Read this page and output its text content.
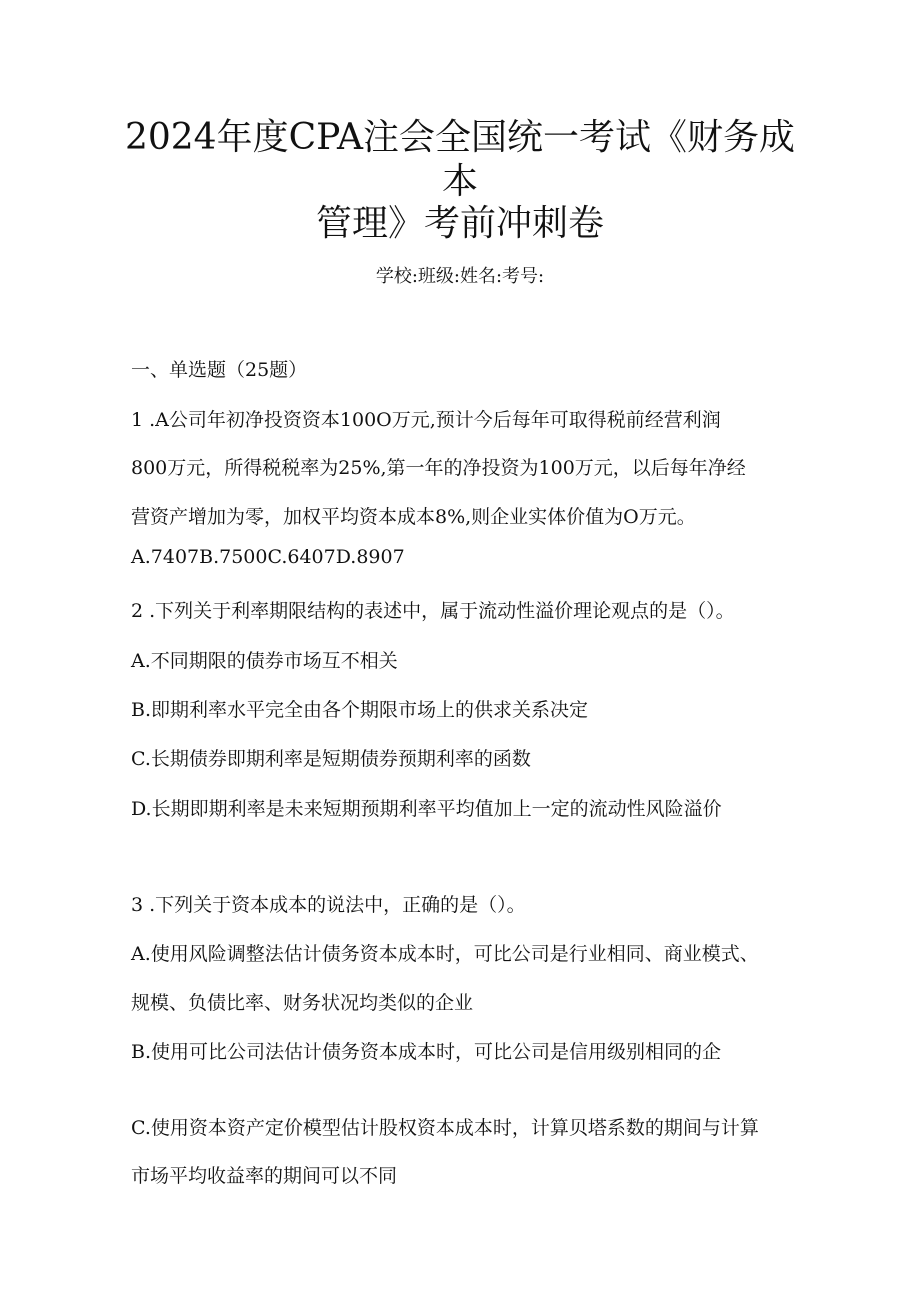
2024年度CPA注会全国统一考试《财务成
本
管理》考前冲刺卷
学校:班级:姓名:考号:
一、单选题（25题）
1 .A公司年初净投资资本100O万元,预计今后每年可取得税前经营利润
800万元，所得税税率为25%,第一年的净投资为100万元，以后每年净经
营资产增加为零，加权平均资本成本8%,则企业实体价值为O万元。
A.7407B.7500C.6407D.8907
2 .下列关于利率期限结构的表述中，属于流动性溢价理论观点的是（）。
A.不同期限的债券市场互不相关
B.即期利率水平完全由各个期限市场上的供求关系决定
C.长期债券即期利率是短期债券预期利率的函数
D.长期即期利率是未来短期预期利率平均值加上一定的流动性风险溢价
3 .下列关于资本成本的说法中，正确的是（）。
A.使用风险调整法估计债务资本成本时，可比公司是行业相同、商业模式、
规模、负债比率、财务状况均类似的企业
B.使用可比公司法估计债务资本成本时，可比公司是信用级别相同的企
C.使用资本资产定价模型估计股权资本成本时，计算贝塔系数的期间与计算
市场平均收益率的期间可以不同
